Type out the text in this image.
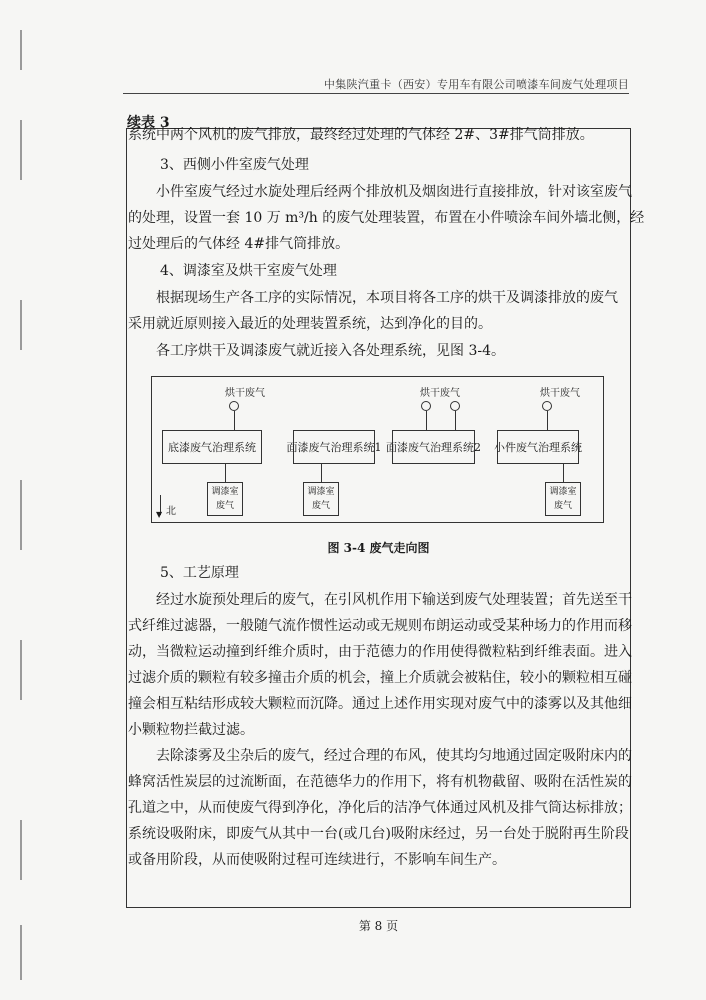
中集陕汽重卡（西安）专用车有限公司喷漆车间废气处理项目
续表 3

系统中两个风机的废气排放，最终经过处理的气体经 2#、3#排气筒排放。

3、西侧小件室废气处理

小件室废气经过水旋处理后经两个排放机及烟囱进行直接排放，针对该室废气

的处理，设置一套 10 万 m³/h 的废气处理装置，布置在小件喷涂车间外墙北侧，经

过处理后的气体经 4#排气筒排放。

4、调漆室及烘干室废气处理

根据现场生产各工序的实际情况，本项目将各工序的烘干及调漆排放的废气

采用就近原则接入最近的处理装置系统，达到净化的目的。

各工序烘干及调漆废气就近接入各处理系统，见图 3-4。

烘干废气	烘干废气	烘干废气
底漆废气治理系统	面漆废气治理系统1 面漆废气治理系统2 小件废气治理系统
调漆室
废气
调漆室
废气
调漆室
废气
▼ 北
图 3-4 废气走向图

5、工艺原理

经过水旋预处理后的废气，在引风机作用下输送到废气处理装置；首先送至干

式纤维过滤器，一般随气流作惯性运动或无规则布朗运动或受某种场力的作用而移

动，当微粒运动撞到纤维介质时，由于范德力的作用使得微粒粘到纤维表面。进入

过滤介质的颗粒有较多撞击介质的机会，撞上介质就会被粘住，较小的颗粒相互碰

撞会相互粘结形成较大颗粒而沉降。通过上述作用实现对废气中的漆雾以及其他细

小颗粒物拦截过滤。

去除漆雾及尘杂后的废气，经过合理的布风，使其均匀地通过固定吸附床内的

蜂窝活性炭层的过流断面，在范德华力的作用下，将有机物截留、吸附在活性炭的

孔道之中，从而使废气得到净化，净化后的洁净气体通过风机及排气筒达标排放；

系统设吸附床，即废气从其中一台(或几台)吸附床经过，另一台处于脱附再生阶段

或备用阶段，从而使吸附过程可连续进行，不影响车间生产。

第 8 页
